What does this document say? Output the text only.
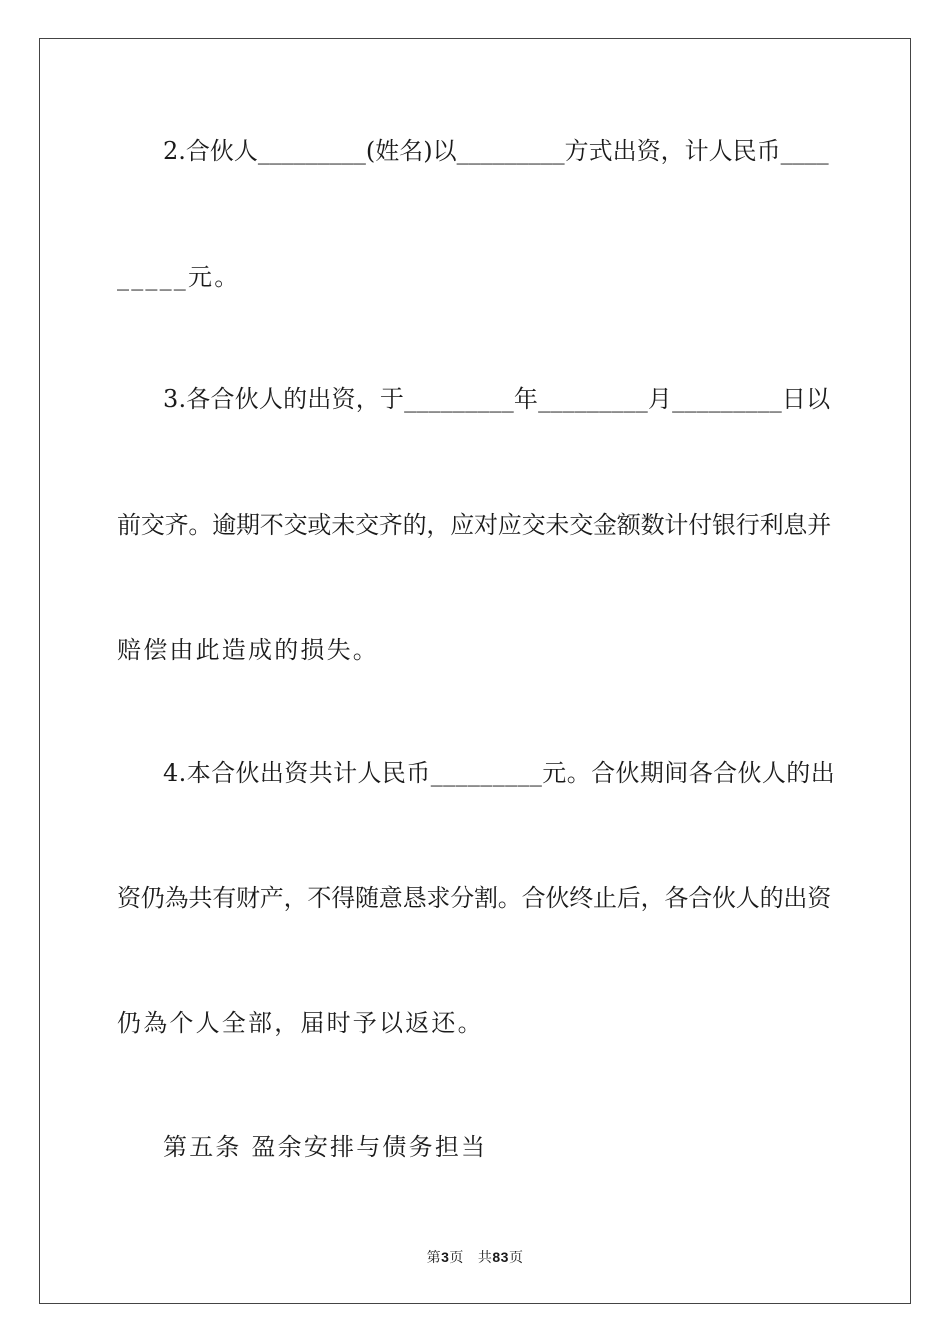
2.合伙人_________(姓名)以_________方式出资，计人民币____
_____元。
3.各合伙人的出资，于_________年_________月_________日以
前交齐。逾期不交或未交齐的，应对应交未交金额数计付银行利息并
赔偿由此造成的损失。
4.本合伙出资共计人民币_________元。合伙期间各合伙人的出
资仍為共有财产，不得随意恳求分割。合伙终止后，各合伙人的出资
仍為个人全部，届时予以返还。
第五条 盈余安排与债务担当
第3页 共83页
